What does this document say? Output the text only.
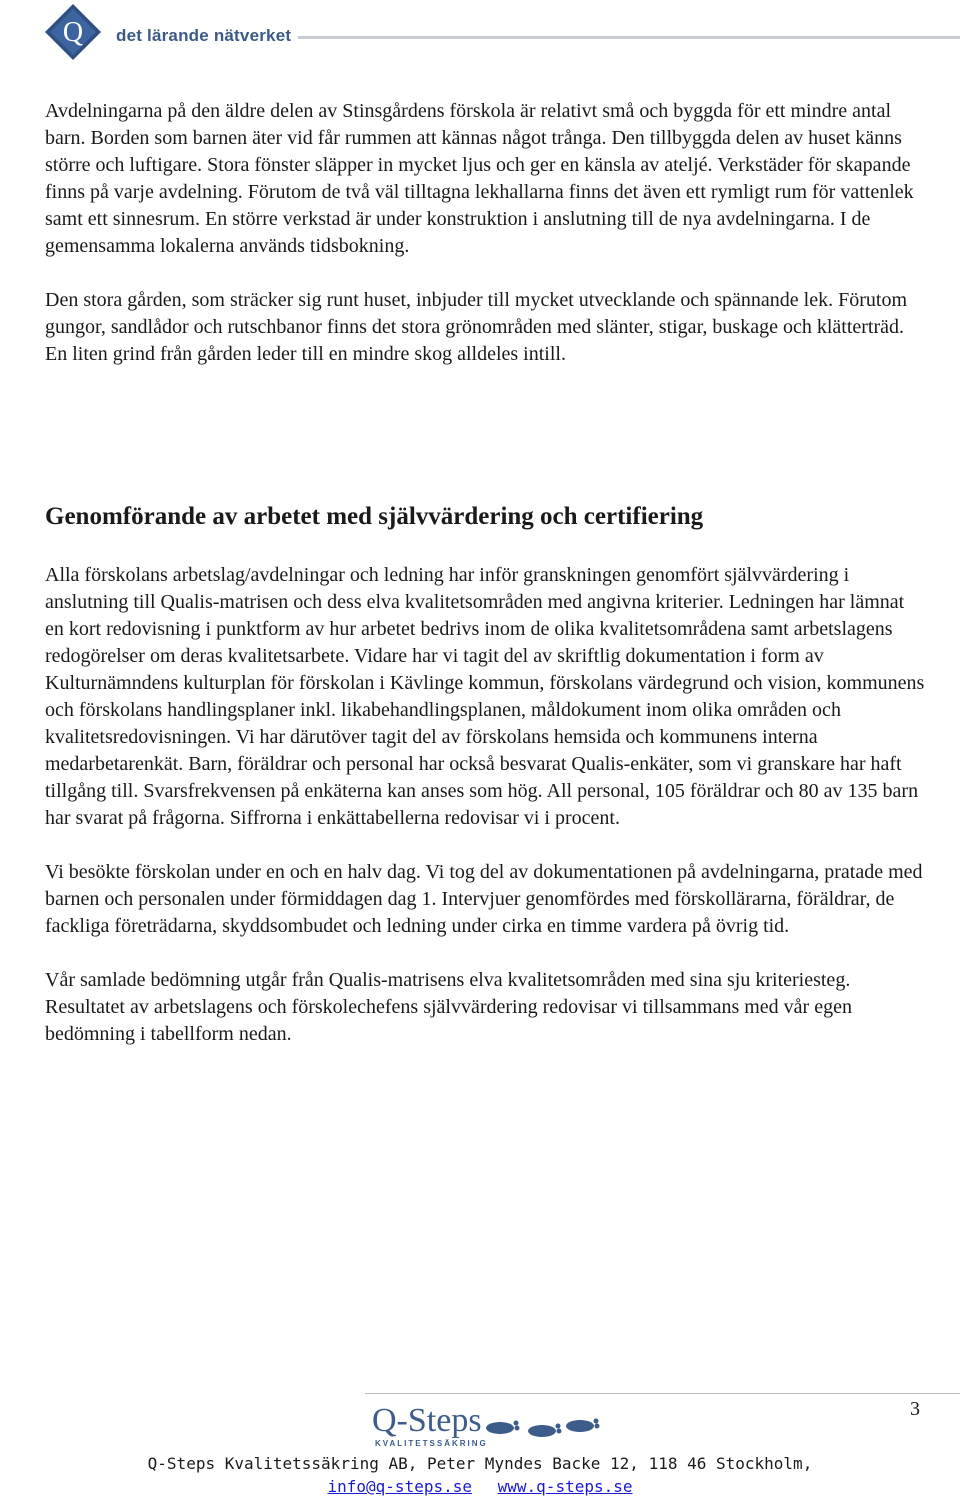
Q det lärande nätverket

Avdelningarna på den äldre delen av Stinsgårdens förskola är relativt små och byggda för ett mindre antal barn. Borden som barnen äter vid får rummen att kännas något trånga. Den tillbyggda delen av huset känns större och luftigare. Stora fönster släpper in mycket ljus och ger en känsla av ateljé. Verkstäder för skapande finns på varje avdelning. Förutom de två väl tilltagna lekhallarna finns det även ett rymligt rum för vattenlek samt ett sinnesrum. En större verkstad är under konstruktion i anslutning till de nya avdelningarna. I de gemensamma lokalerna används tidsbokning.

Den stora gården, som sträcker sig runt huset, inbjuder till mycket utvecklande och spännande lek. Förutom gungor, sandlådor och rutschbanor finns det stora grönområden med slänter, stigar, buskage och klätterträd. En liten grind från gården leder till en mindre skog alldeles intill.

Genomförande av arbetet med självvärdering och certifiering

Alla förskolans arbetslag/avdelningar och ledning har inför granskningen genomfört självvärdering i anslutning till Qualis-matrisen och dess elva kvalitetsområden med angivna kriterier. Ledningen har lämnat en kort redovisning i punktform av hur arbetet bedrivs inom de olika kvalitetsområdena samt arbetslagens redogörelser om deras kvalitetsarbete. Vidare har vi tagit del av skriftlig dokumentation i form av Kulturnämndens kulturplan för förskolan i Kävlinge kommun, förskolans värdegrund och vision, kommunens och förskolans handlingsplaner inkl. likabehandlingsplanen, måldokument inom olika områden och kvalitetsredovisningen. Vi har därutöver tagit del av förskolans hemsida och kommunens interna medarbetarenkät. Barn, föräldrar och personal har också besvarat Qualis-enkäter, som vi granskare har haft tillgång till. Svarsfrekvensen på enkäterna kan anses som hög. All personal, 105 föräldrar och 80 av 135 barn har svarat på frågorna. Siffrorna i enkättabellerna redovisar vi i procent.

Vi besökte förskolan under en och en halv dag. Vi tog del av dokumentationen på avdelningarna, pratade med barnen och personalen under förmiddagen dag 1. Intervjuer genomfördes med förskollärarna, föräldrar, de fackliga företrädarna, skyddsombudet och ledning under cirka en timme vardera på övrig tid.

Vår samlade bedömning utgår från Qualis-matrisens elva kvalitetsområden med sina sju kriteriesteg. Resultatet av arbetslagens och förskolechefens självvärdering redovisar vi tillsammans med vår egen bedömning i tabellform nedan.

3
Q-Steps
KVALITETSSÄKRING
Q-Steps Kvalitetssäkring AB, Peter Myndes Backe 12, 118 46 Stockholm,
info@q-steps.se www.q-steps.se
